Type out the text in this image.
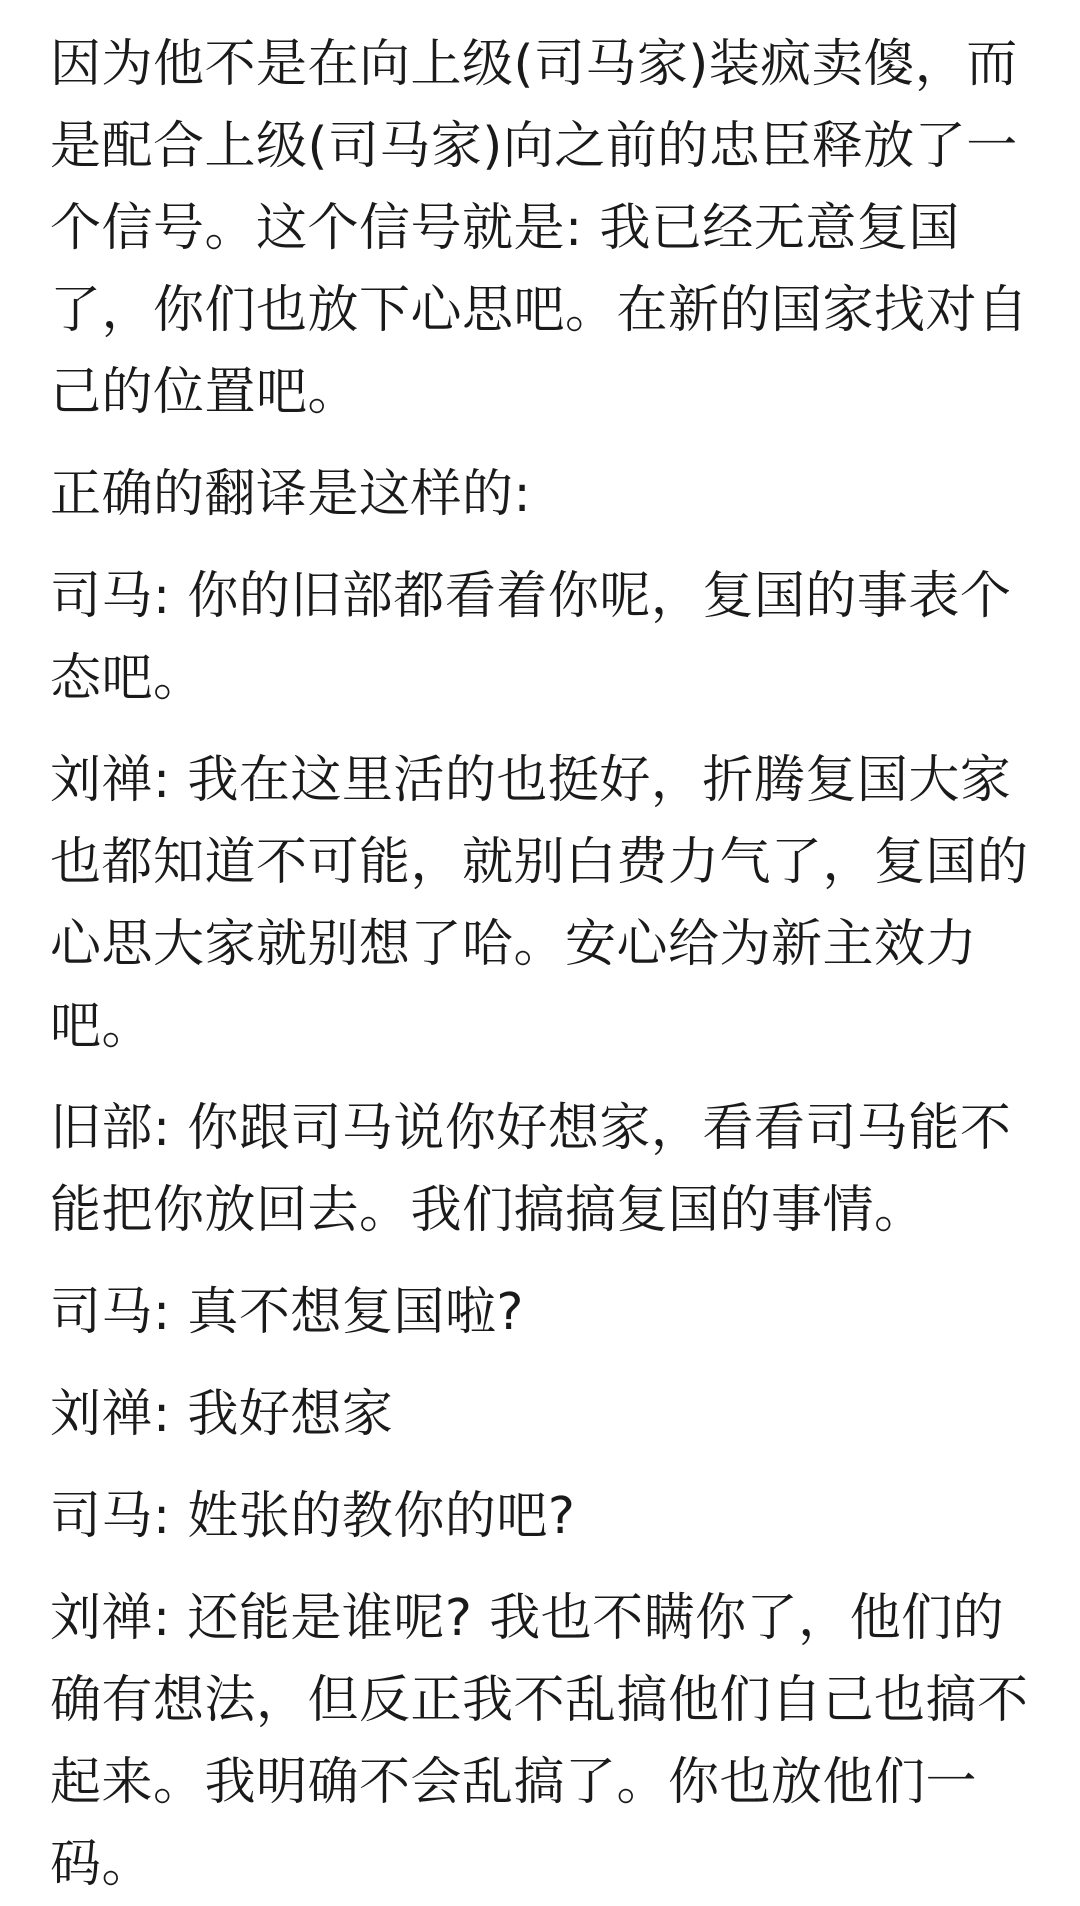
因为他不是在向上级(司马家)装疯卖傻，而是配合上级(司马家)向之前的忠臣释放了一个信号。这个信号就是: 我已经无意复国了，你们也放下心思吧。在新的国家找对自己的位置吧。

正确的翻译是这样的:

司马: 你的旧部都看着你呢，复国的事表个态吧。

刘禅: 我在这里活的也挺好，折腾复国大家也都知道不可能，就别白费力气了，复国的心思大家就别想了哈。安心给为新主效力吧。

旧部: 你跟司马说你好想家，看看司马能不能把你放回去。我们搞搞复国的事情。

司马: 真不想复国啦?

刘禅: 我好想家

司马: 姓张的教你的吧?

刘禅: 还能是谁呢? 我也不瞒你了，他们的确有想法，但反正我不乱搞他们自己也搞不起来。我明确不会乱搞了。你也放他们一码。
